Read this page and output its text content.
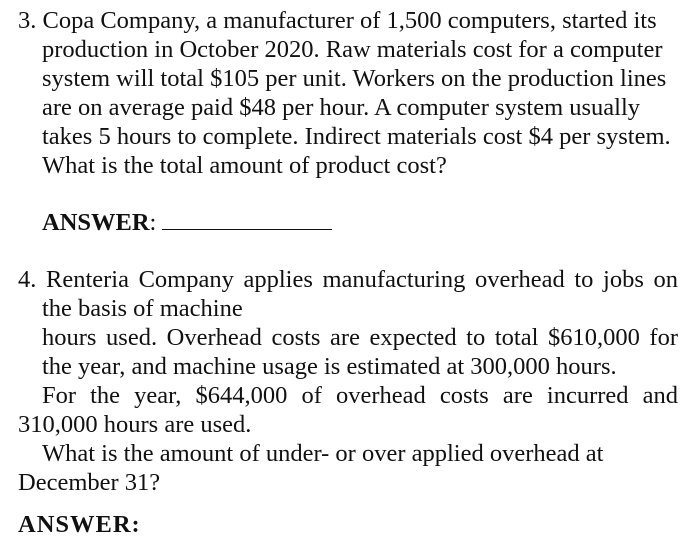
3. Copa Company, a manufacturer of 1,500 computers, started its
production in October 2020. Raw materials cost for a computer
system will total $105 per unit. Workers on the production lines
are on average paid $48 per hour. A computer system usually
takes 5 hours to complete. Indirect materials cost $4 per system.
What is the total amount of product cost?
ANSWER:
4. Renteria Company applies manufacturing overhead to jobs on
the basis of machine
hours used. Overhead costs are expected to total $610,000 for
the year, and machine usage is estimated at 300,000 hours.
For the year, $644,000 of overhead costs are incurred and
310,000 hours are used.
What is the amount of under- or over applied overhead at
December 31?
ANSWER:
